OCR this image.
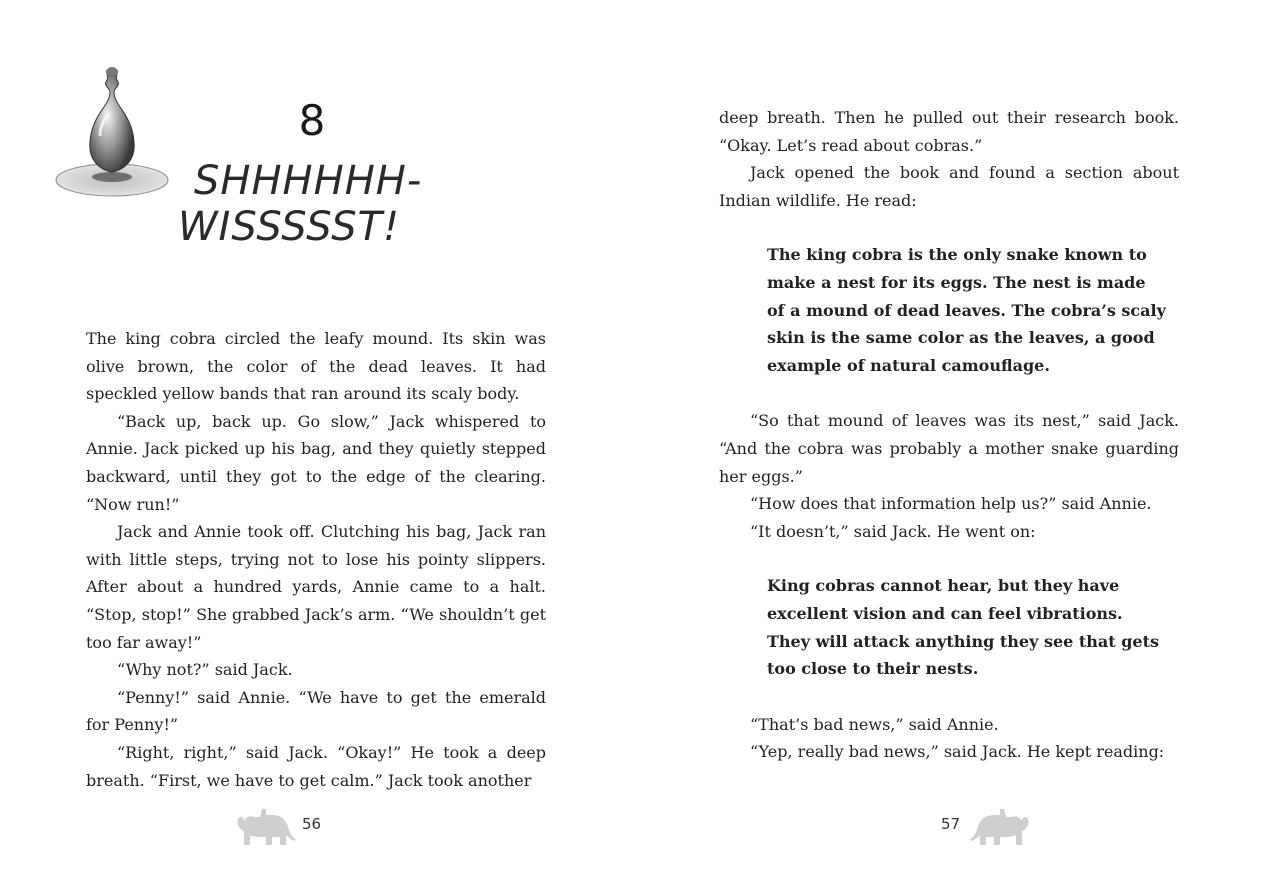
8
SHHHHHH-
WISSSSST!

The king cobra circled the leafy mound. Its skin was olive brown, the color of the dead leaves. It had speckled yellow bands that ran around its scaly body.

“Back up, back up. Go slow,” Jack whispered to Annie. Jack picked up his bag, and they quietly stepped backward, until they got to the edge of the clearing. “Now run!”

Jack and Annie took off. Clutching his bag, Jack ran with little steps, trying not to lose his pointy slippers. After about a hundred yards, Annie came to a halt. “Stop, stop!” She grabbed Jack’s arm. “We shouldn’t get too far away!”

“Why not?” said Jack.

“Penny!” said Annie. “We have to get the emerald for Penny!”

“Right, right,” said Jack. “Okay!” He took a deep breath. “First, we have to get calm.” Jack took another

56

deep breath. Then he pulled out their research book. “Okay. Let’s read about cobras.”

Jack opened the book and found a section about Indian wildlife. He read:

The king cobra is the only snake known to make a nest for its eggs. The nest is made of a mound of dead leaves. The cobra’s scaly skin is the same color as the leaves, a good example of natural camouflage.

“So that mound of leaves was its nest,” said Jack. “And the cobra was probably a mother snake guarding her eggs.”

“How does that information help us?” said Annie.

“It doesn’t,” said Jack. He went on:

King cobras cannot hear, but they have excellent vision and can feel vibrations. They will attack anything they see that gets too close to their nests.

“That’s bad news,” said Annie.

“Yep, really bad news,” said Jack. He kept reading:

57
